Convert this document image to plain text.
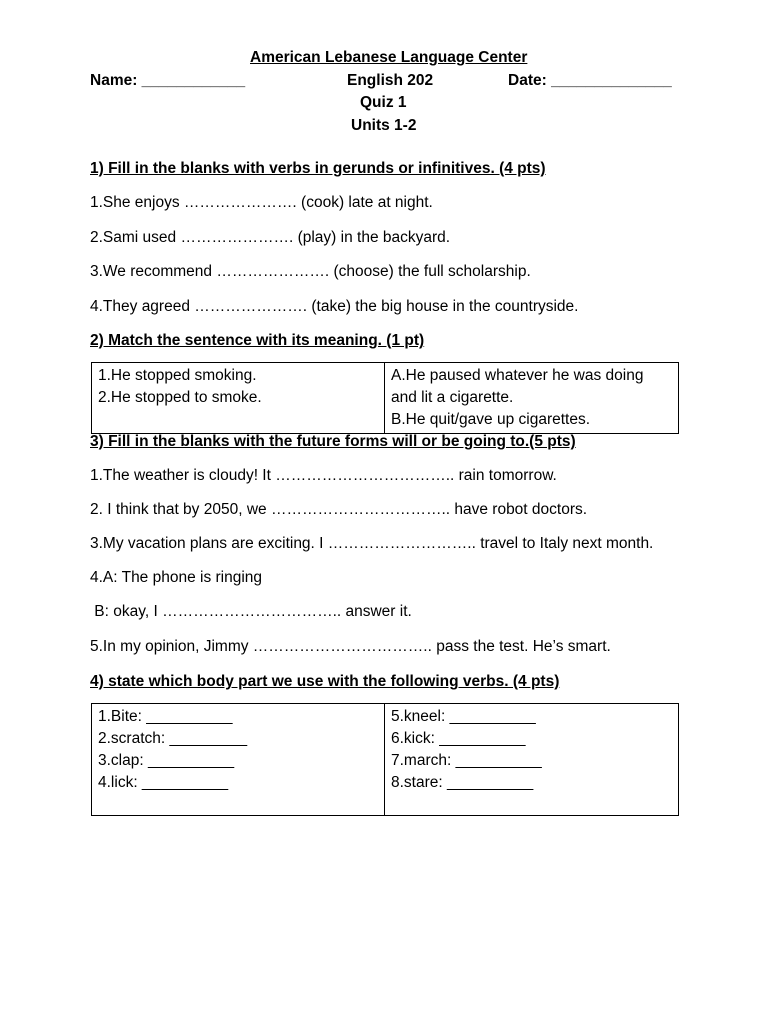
American Lebanese Language Center
Name: ____________	English 202	Date: ______________
Quiz 1
Units 1-2
1) Fill in the blanks with verbs in gerunds or infinitives. (4 pts)
1.She enjoys …………………. (cook) late at night.
2.Sami used …………………. (play) in the backyard.
3.We recommend …………………. (choose) the full scholarship.
4.They agreed …………………. (take) the big house in the countryside.
2) Match the sentence with its meaning. (1 pt)
1.He stopped smoking.
2.He stopped to smoke.

A.He paused whatever he was doing
and lit a cigarette.
B.He quit/gave up cigarettes.
3) Fill in the blanks with the future forms will or be going to.(5 pts)
1.The weather is cloudy! It …………………………….. rain tomorrow.
2. I think that by 2050, we …………………………….. have robot doctors.
3.My vacation plans are exciting. I ……………………….. travel to Italy next month.
4.A: The phone is ringing
B: okay, I …………………………….. answer it.
5.In my opinion, Jimmy …………………………….. pass the test. He’s smart.
4) state which body part we use with the following verbs. (4 pts)
1.Bite: __________
2.scratch: _________
3.clap: __________
4.lick: __________

5.kneel: __________
6.kick: __________
7.march: __________
8.stare: __________
